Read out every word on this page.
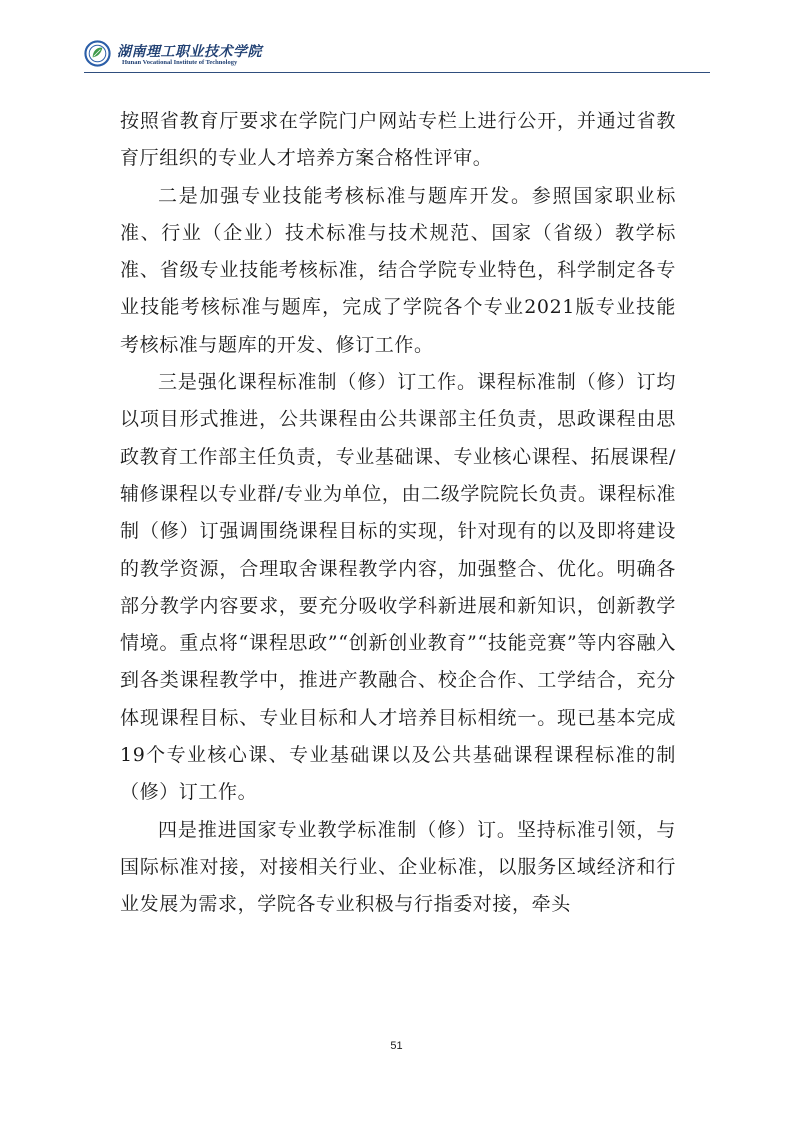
湖南理工职业技术学院
Hunan Vocational Institute of Technology

按照省教育厅要求在学院门户网站专栏上进行公开，并通过省教育厅组织的专业人才培养方案合格性评审。

二是加强专业技能考核标准与题库开发。参照国家职业标准、行业（企业）技术标准与技术规范、国家（省级）教学标准、省级专业技能考核标准，结合学院专业特色，科学制定各专业技能考核标准与题库，完成了学院各个专业2021版专业技能考核标准与题库的开发、修订工作。

三是强化课程标准制（修）订工作。课程标准制（修）订均以项目形式推进，公共课程由公共课部主任负责，思政课程由思政教育工作部主任负责，专业基础课、专业核心课程、拓展课程/辅修课程以专业群/专业为单位，由二级学院院长负责。课程标准制（修）订强调围绕课程目标的实现，针对现有的以及即将建设的教学资源，合理取舍课程教学内容，加强整合、优化。明确各部分教学内容要求，要充分吸收学科新进展和新知识，创新教学情境。重点将“课程思政”“创新创业教育”“技能竞赛”等内容融入到各类课程教学中，推进产教融合、校企合作、工学结合，充分体现课程目标、专业目标和人才培养目标相统一。现已基本完成19个专业核心课、专业基础课以及公共基础课程课程标准的制（修）订工作。

四是推进国家专业教学标准制（修）订。坚持标准引领，与国际标准对接，对接相关行业、企业标准，以服务区域经济和行业发展为需求，学院各专业积极与行指委对接，牵头

51
